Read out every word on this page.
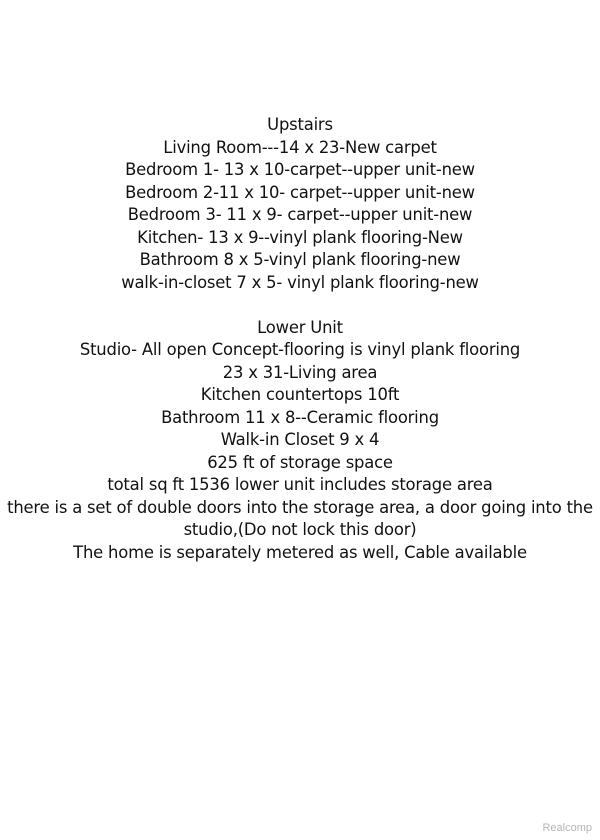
Upstairs
Living Room---14 x 23-New carpet
Bedroom 1- 13 x 10-carpet--upper unit-new
Bedroom 2-11 x 10- carpet--upper unit-new
Bedroom 3- 11 x 9- carpet--upper unit-new
Kitchen- 13 x 9--vinyl plank flooring-New
Bathroom 8 x 5-vinyl plank flooring-new
walk-in-closet 7 x 5- vinyl plank flooring-new
Lower Unit
Studio- All open Concept-flooring is vinyl plank flooring
23 x 31-Living area
Kitchen countertops 10ft
Bathroom 11 x 8--Ceramic flooring
Walk-in Closet 9 x 4
625 ft of storage space
total sq ft 1536 lower unit includes storage area
there is a set of double doors into the storage area, a door going into the
studio,(Do not lock this door)
The home is separately metered as well, Cable available
Realcomp
